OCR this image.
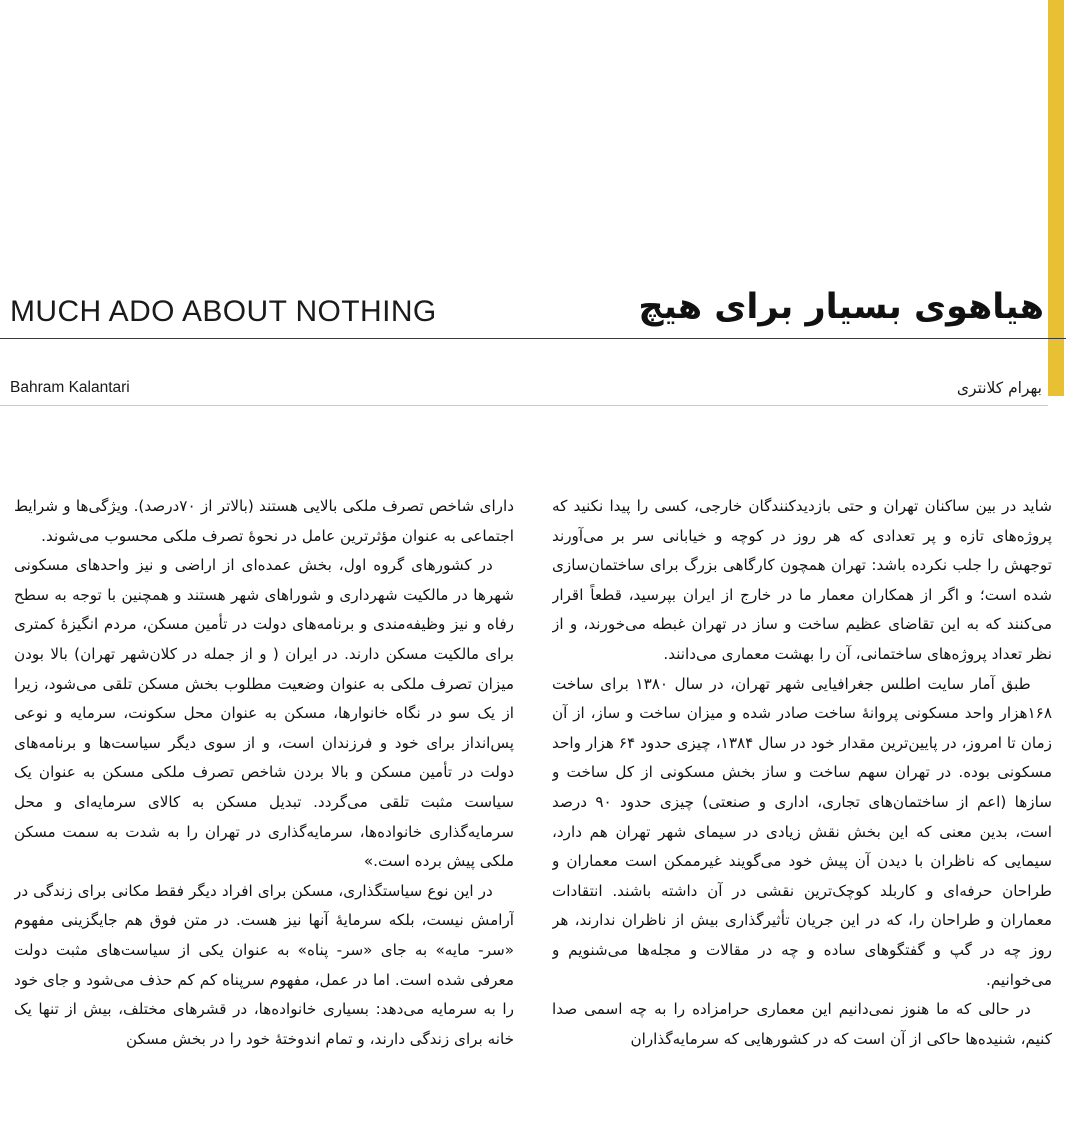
MUCH ADO ABOUT NOTHING	هیاهوی بسیار برای هیچ
Bahram Kalantari	بهرام کلانتری

شاید در بین ساکنان تهران و حتی بازدیدکنندگان خارجی، کسی را پیدا نکنید که پروژه‌های تازه و پر تعدادی که هر روز در کوچه و خیابانی سر بر می‌آورند توجهش را جلب نکرده باشد: تهران همچون کارگاهی بزرگ برای ساختمان‌سازی شده است؛ و اگر از همکاران معمار ما در خارج از ایران بپرسید، قطعاً اقرار می‌کنند که به این تقاضای عظیم ساخت و ساز در تهران غبطه می‌خورند، و از نظر تعداد پروژه‌های ساختمانی، آن را بهشت معماری می‌دانند.

طبق آمار سایت اطلس جغرافیایی شهر تهران، در سال ۱۳۸۰ برای ساخت ۱۶۸هزار واحد مسکونی پروانهٔ ساخت صادر شده و میزان ساخت و ساز، از آن زمان تا امروز، در پایین‌ترین مقدار خود در سال ۱۳۸۴، چیزی حدود ۶۴ هزار واحد مسکونی بوده. در تهران سهم ساخت و ساز بخش مسکونی از کل ساخت و سازها (اعم از ساختمان‌های تجاری، اداری و صنعتی) چیزی حدود ۹۰ درصد است، بدین معنی که این بخش نقش زیادی در سیمای شهر تهران هم دارد، سیمایی که ناظران با دیدن آن پیش خود می‌گویند غیرممکن است معماران و طراحان حرفه‌ای و کاربلد کوچک‌ترین نقشی در آن داشته باشند. انتقادات معماران و طراحان را، که در این جریان تأثیرگذاری بیش از ناظران ندارند، هر روز چه در گپ و گفتگوهای ساده و چه در مقالات و مجله‌ها می‌شنویم و می‌خوانیم.

در حالی که ما هنوز نمی‌دانیم این معماری حرامزاده را به چه اسمی صدا کنیم، شنیده‌ها حاکی از آن است که در کشورهایی که سرمایه‌گذاران

دارای شاخص تصرف ملکی بالایی هستند (بالاتر از ۷۰درصد). ویژگی‌ها و شرایط اجتماعی به عنوان مؤثرترین عامل در نحوهٔ تصرف ملکی محسوب می‌شوند.

در کشورهای گروه اول، بخش عمده‌ای از اراضی و نیز واحدهای مسکونی شهرها در مالکیت شهرداری و شوراهای شهر هستند و همچنین با توجه به سطح رفاه و نیز وظیفه‌مندی و برنامه‌های دولت در تأمین مسکن، مردم انگیزهٔ کمتری برای مالکیت مسکن دارند. در ایران ( و از جمله در کلان‌شهر تهران) بالا بودن میزان تصرف ملکی به عنوان وضعیت مطلوب بخش مسکن تلقی می‌شود، زیرا از یک سو در نگاه خانوارها، مسکن به عنوان محل سکونت، سرمایه و نوعی پس‌انداز برای خود و فرزندان است، و از سوی دیگر سیاست‌ها و برنامه‌های دولت در تأمین مسکن و بالا بردن شاخص تصرف ملکی مسکن به عنوان یک سیاست مثبت تلقی می‌گردد. تبدیل مسکن به کالای سرمایه‌ای و محل سرمایه‌گذاری خانواده‌ها، سرمایه‌گذاری در تهران را به شدت به سمت مسکن ملکی پیش برده است.»

در این نوع سیاستگذاری، مسکن برای افراد دیگر فقط مکانی برای زندگی در آرامش نیست، بلکه سرمایهٔ آنها نیز هست. در متن فوق هم جایگزینی مفهوم «سر- مایه» به جای «سر- پناه» به عنوان یکی از سیاست‌های مثبت دولت معرفی شده است. اما در عمل، مفهوم سرپناه کم کم حذف می‌شود و جای خود را به سرمایه می‌دهد: بسیاری خانواده‌ها، در قشرهای مختلف، بیش از تنها یک خانه برای زندگی دارند، و تمام اندوختهٔ خود را در بخش مسکن
